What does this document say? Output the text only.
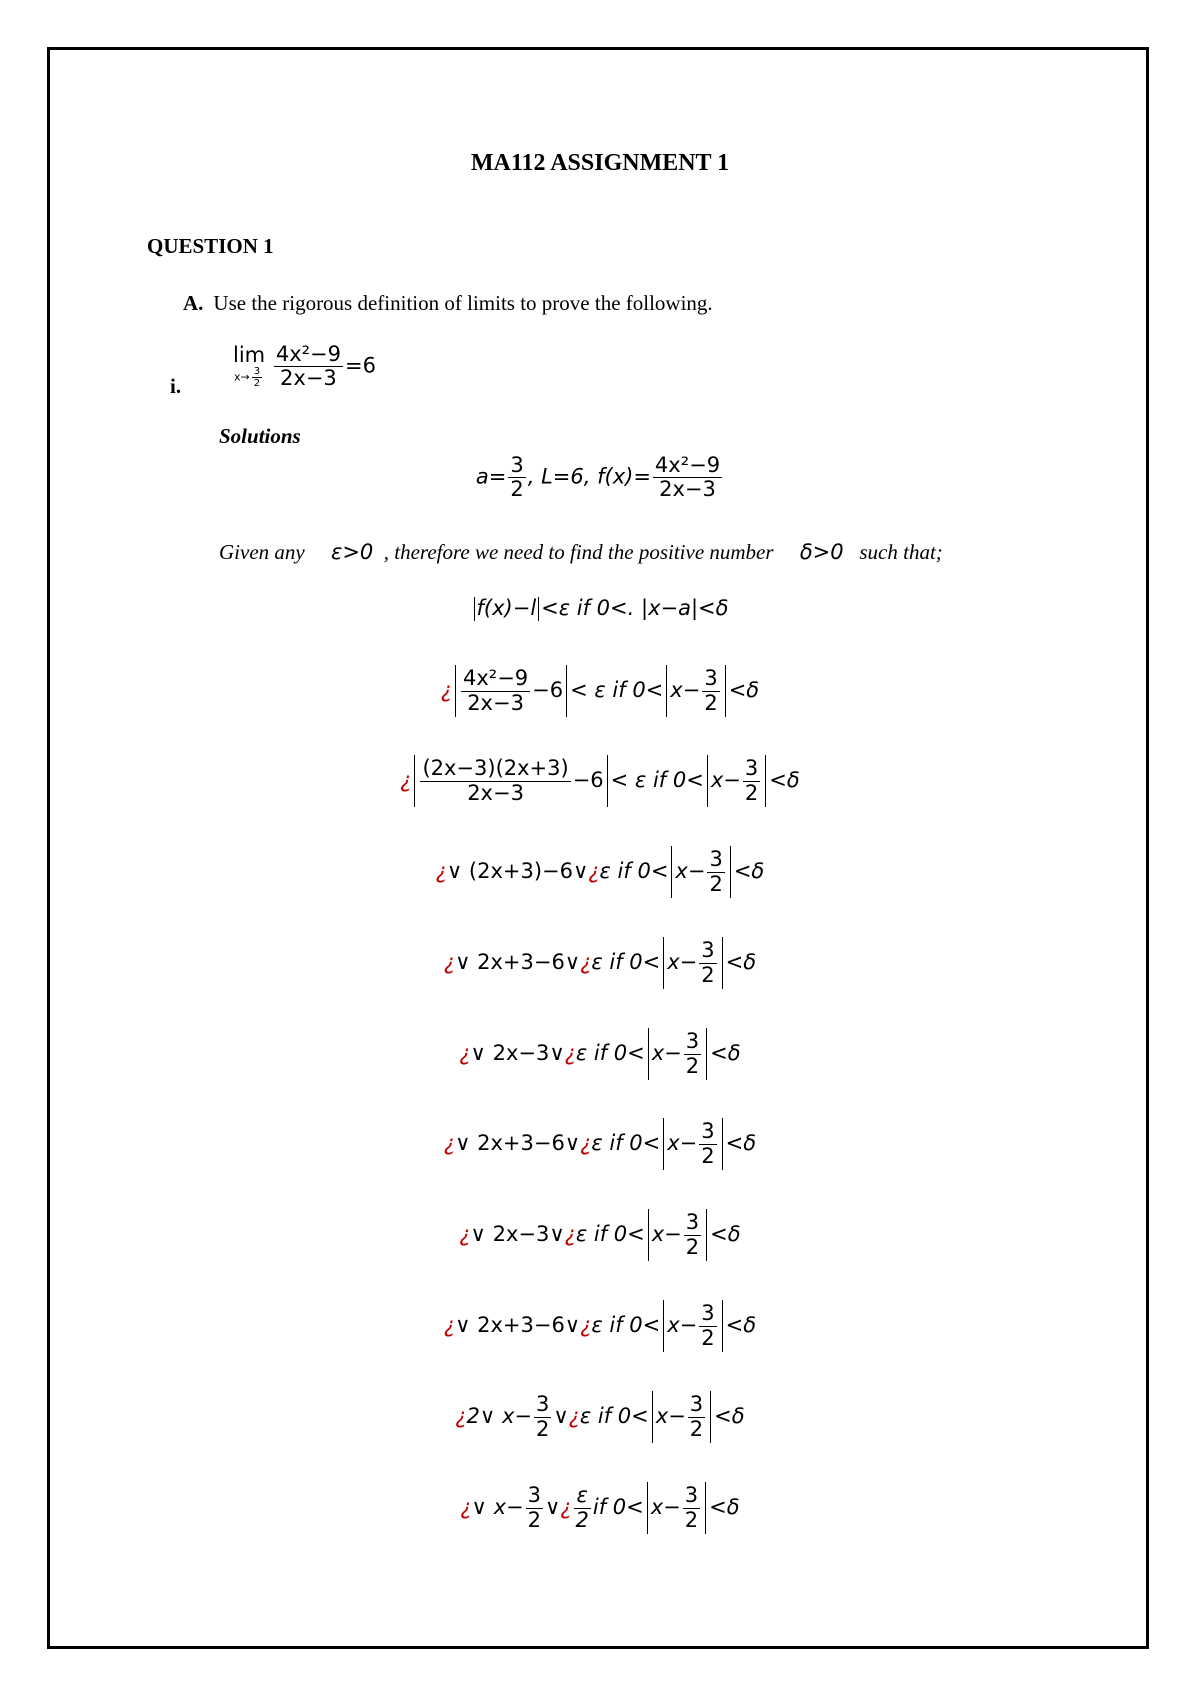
MA112 ASSIGNMENT 1
QUESTION 1
A. Use the rigorous definition of limits to prove the following.
i.
lim
$x\to \frac{3}{2}$
$\frac{\text{4x²−9}}{2x-3} =6$
Solutions
$a= \frac{3}{2}$ , L=6, $f(x)= \frac{\text{4x²−9}}{2x-3}$
Given any ε>0 , therefore we need to find the positive number δ>0 such that;
f(x)−l <ε if 0<. |x−a|<δ
¿ $\frac{\text{4x²−9}}{2x-3} -6 < \varepsilon$ if $0< x- \frac{3}{2} <\delta$
¿ $\frac{(2x-3)(2x+3)}{2x-3} -6 < \varepsilon$ if $0< x- \frac{3}{2} <\delta$
¿∨ (2x+3)−6∨¿ε if $0< x- \frac{3}{2} <\delta$
¿∨ 2x+3−6∨¿ε if $0< x- \frac{3}{2} <\delta$
¿∨ 2x−3∨¿ε if $0< x- \frac{3}{2} <\delta$
¿∨ 2x+3−6∨¿ε if $0< x- \frac{3}{2} <\delta$
¿∨ 2x−3∨¿ε if $0< x- \frac{3}{2} <\delta$
¿∨ 2x+3−6∨¿ε if $0< x- \frac{3}{2} <\delta$
¿2∨ $x- \frac{3}{2}$ ∨¿ε if $0< x- \frac{3}{2} <\delta$
¿∨ $x- \frac{3}{2}$ ∨¿ $\frac{\varepsilon}{2}$ if $0< x- \frac{3}{2} <\delta$
